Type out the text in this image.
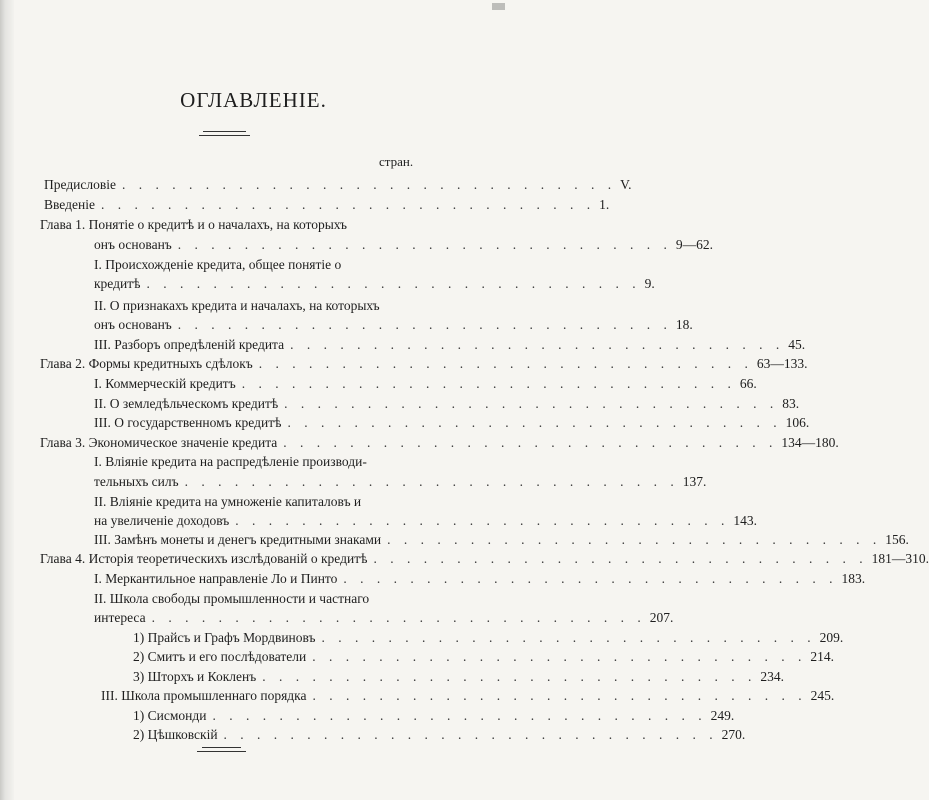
ОГЛАВЛЕНІЕ.
стран.
Предисловіе . . . . . . . . . . . . . . . . . . . . . . . . . . . . . . V.
Введеніе . . . . . . . . . . . . . . . . . . . . . . . . . . . . . . 1.
Глава 1. Понятіе о кредитѣ и о началахъ, на которыхъ
онъ основанъ . . . . . . . . . . . . . . . . . . . . . . . . . . . . . . 9—62.
I. Происхожденіе кредита, общее понятіе о
кредитѣ . . . . . . . . . . . . . . . . . . . . . . . . . . . . . . 9.
II. О признакахъ кредита и началахъ, на которыхъ
онъ основанъ . . . . . . . . . . . . . . . . . . . . . . . . . . . . . . 18.
III. Разборъ опредѣленій кредита . . . . . . . . . . . . . . . . . . . . . . . . . . . . . . 45.
Глава 2. Формы кредитныхъ сдѣлокъ . . . . . . . . . . . . . . . . . . . . . . . . . . . . . . 63—133.
I. Коммерческій кредитъ . . . . . . . . . . . . . . . . . . . . . . . . . . . . . . 66.
II. О земледѣльческомъ кредитѣ . . . . . . . . . . . . . . . . . . . . . . . . . . . . . . 83.
III. О государственномъ кредитѣ . . . . . . . . . . . . . . . . . . . . . . . . . . . . . . 106.
Глава 3. Экономическое значеніе кредита . . . . . . . . . . . . . . . . . . . . . . . . . . . . . . 134—180.
I. Вліяніе кредита на распредѣленіе производи-
тельныхъ силъ . . . . . . . . . . . . . . . . . . . . . . . . . . . . . . 137.
II. Вліяніе кредита на умноженіе капиталовъ и
на увеличеніе доходовъ . . . . . . . . . . . . . . . . . . . . . . . . . . . . . . 143.
III. Замѣнъ монеты и денегъ кредитными знаками . . . . . . . . . . . . . . . . . . . . . . . . . . . . . . 156.
Глава 4. Исторія теоретическихъ изслѣдованій о кредитѣ . . . . . . . . . . . . . . . . . . . . . . . . . . . . . . 181—310.
I. Меркантильное направленіе Ло и Пинто . . . . . . . . . . . . . . . . . . . . . . . . . . . . . . 183.
II. Школа свободы промышленности и частнаго
интереса . . . . . . . . . . . . . . . . . . . . . . . . . . . . . . 207.
1) Прайсъ и Графъ Мордвиновъ . . . . . . . . . . . . . . . . . . . . . . . . . . . . . . 209.
2) Смитъ и его послѣдователи . . . . . . . . . . . . . . . . . . . . . . . . . . . . . . 214.
3) Шторхъ и Кокленъ . . . . . . . . . . . . . . . . . . . . . . . . . . . . . . 234.
III. Школа промышленнаго порядка . . . . . . . . . . . . . . . . . . . . . . . . . . . . . . 245.
1) Сисмонди . . . . . . . . . . . . . . . . . . . . . . . . . . . . . . 249.
2) Цѣшковскій . . . . . . . . . . . . . . . . . . . . . . . . . . . . . . 270.
